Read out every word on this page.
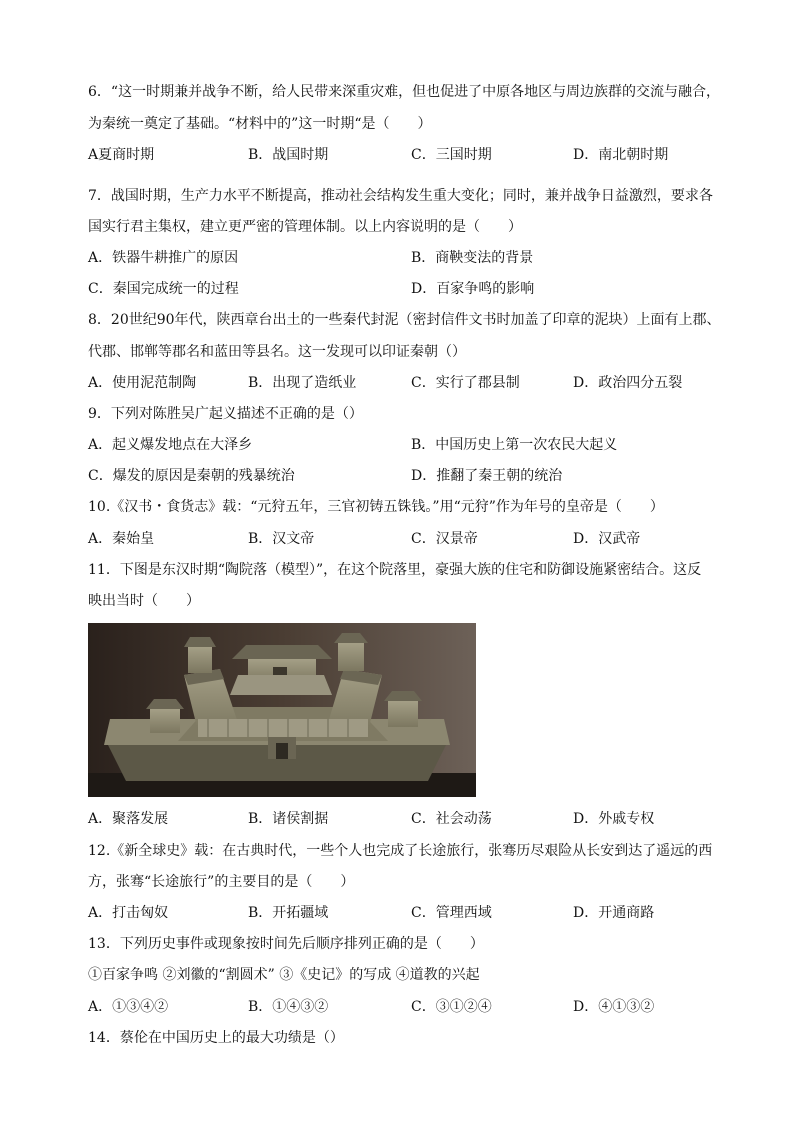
6．“这一时期兼并战争不断，给人民带来深重灾难，但也促进了中原各地区与周边族群的交流与融合，
为秦统一奠定了基础。“材料中的”这一时期“是（　　）
A夏商时期	B．战国时期	C．三国时期	D．南北朝时期
7．战国时期，生产力水平不断提高，推动社会结构发生重大变化；同时，兼并战争日益激烈，要求各
国实行君主集权，建立更严密的管理体制。以上内容说明的是（　　）
A．铁器牛耕推广的原因	B．商鞅变法的背景
C．秦国完成统一的过程	D．百家争鸣的影响
8．20世纪90年代，陕西章台出土的一些秦代封泥（密封信件文书时加盖了印章的泥块）上面有上郡、
代郡、邯郸等郡名和蓝田等县名。这一发现可以印证秦朝（）
A．使用泥范制陶	B．出现了造纸业	C．实行了郡县制	D．政治四分五裂
9．下列对陈胜吴广起义描述不正确的是（）
A．起义爆发地点在大泽乡	B．中国历史上第一次农民大起义
C．爆发的原因是秦朝的残暴统治	D．推翻了秦王朝的统治
10.《汉书・食货志》载：“元狩五年，三官初铸五铢钱。”用“元狩”作为年号的皇帝是（　　）
A．秦始皇	B．汉文帝	C．汉景帝	D．汉武帝
11．下图是东汉时期“陶院落（模型）”，在这个院落里，豪强大族的住宅和防御设施紧密结合。这反
映出当时（　　）
A．聚落发展	B．诸侯割据	C．社会动荡	D．外戚专权
12.《新全球史》载：在古典时代，一些个人也完成了长途旅行，张骞历尽艰险从长安到达了遥远的西
方，张骞“长途旅行”的主要目的是（　　）
A．打击匈奴	B．开拓疆域	C．管理西域	D．开通商路
13．下列历史事件或现象按时间先后顺序排列正确的是（　　）
①百家争鸣 ②刘徽的“割圆术” ③《史记》的写成 ④道教的兴起
A．①③④②	B．①④③②	C．③①②④	D．④①③②
14．蔡伦在中国历史上的最大功绩是（）
